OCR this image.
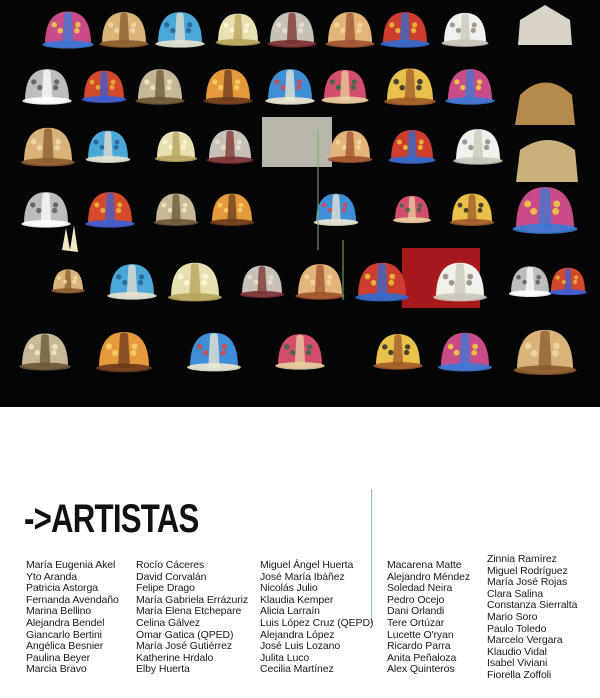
->ARTISTAS
María Eugenia Akel
Yto Aranda
Patricia Astorga
Fernanda Avendaño
Marina Bellino
Alejandra Bendel
Giancarlo Bertini
Angélica Besnier
Paulina Beyer
Marcia Bravo
Rocío Cáceres
David Corvalán
Felipe Drago
María Gabriela Errázuriz
María Elena Etchepare
Celina Gálvez
Omar Gatica (QPED)
María José Gutiérrez
Katherine Hrdalo
Elby Huerta
Miguel Ángel Huerta
José María Ibáñez
Nicolás Julio
Klaudia Kemper
Alicia Larraín
Luis López Cruz (QEPD)
Alejandra López
José Luis Lozano
Julita Luco
Cecilia Martínez
Macarena Matte
Alejandro Méndez
Soledad Neira
Pedro Ocejo
Dani Orlandi
Tere Ortúzar
Lucette O'ryan
Ricardo Parra
Anita Peñaloza
Alex Quinteros
Zinnia Ramírez
Miguel Rodríguez
María José Rojas
Clara Salina
Constanza Sierralta
Mario Soro
Paulo Toledo
Marcelo Vergara
Klaudio Vidal
Isabel Viviani
Fiorella Zoffoli
